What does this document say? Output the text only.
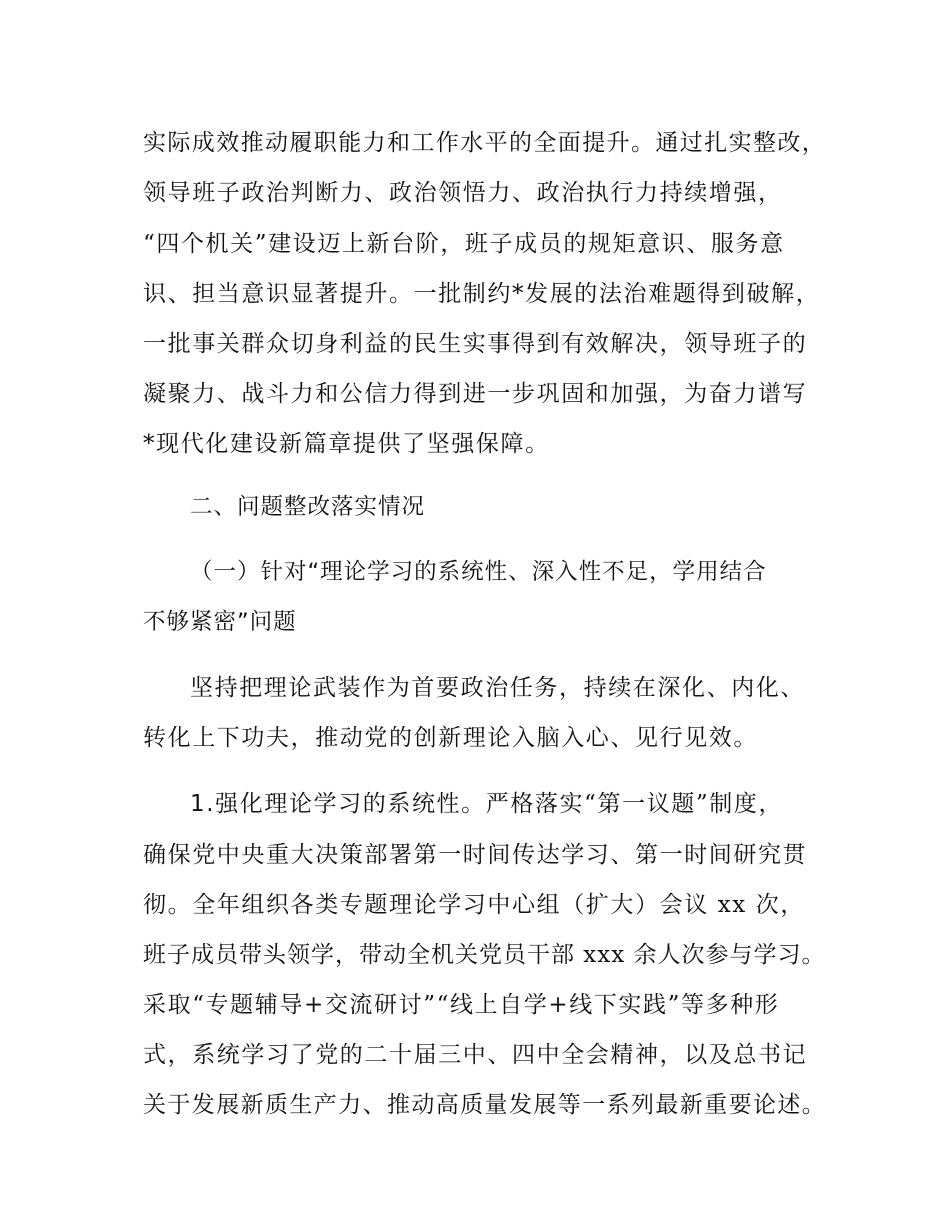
实际成效推动履职能力和工作水平的全面提升。通过扎实整改，
领导班子政治判断力、政治领悟力、政治执行力持续增强，
“四个机关”建设迈上新台阶，班子成员的规矩意识、服务意
识、担当意识显著提升。一批制约*发展的法治难题得到破解，
一批事关群众切身利益的民生实事得到有效解决，领导班子的
凝聚力、战斗力和公信力得到进一步巩固和加强，为奋力谱写
*现代化建设新篇章提供了坚强保障。
二、问题整改落实情况
（一）针对“理论学习的系统性、深入性不足，学用结合
不够紧密”问题
坚持把理论武装作为首要政治任务，持续在深化、内化、
转化上下功夫，推动党的创新理论入脑入心、见行见效。
1.强化理论学习的系统性。严格落实“第一议题”制度，
确保党中央重大决策部署第一时间传达学习、第一时间研究贯
彻。全年组织各类专题理论学习中心组（扩大）会议 xx 次，
班子成员带头领学，带动全机关党员干部 xxx 余人次参与学习。
采取“专题辅导+交流研讨”“线上自学+线下实践”等多种形
式，系统学习了党的二十届三中、四中全会精神，以及总书记
关于发展新质生产力、推动高质量发展等一系列最新重要论述。
